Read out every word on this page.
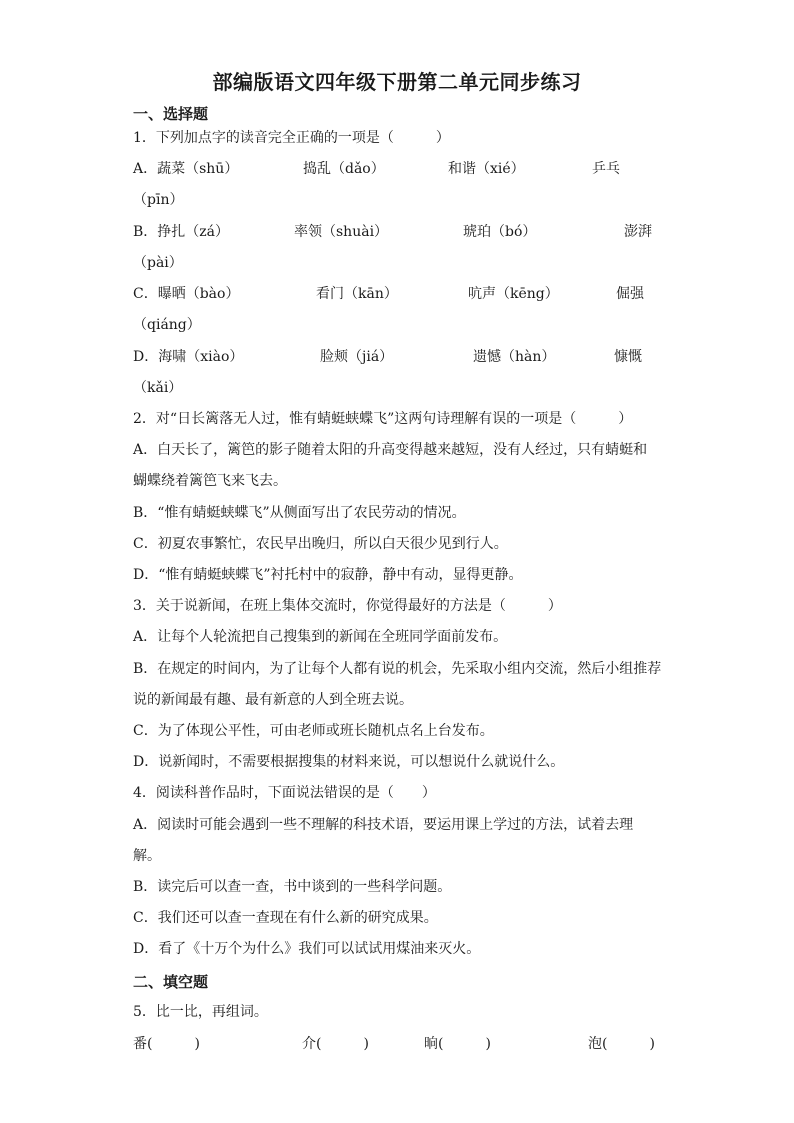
部编版语文四年级下册第二单元同步练习
一、选择题
1．下列加点字的读音完全正确的一项是（　　　）
A．蔬菜（shū）	捣乱（dǎo）	和谐（xié）	乒乓
（pīn）
B．挣扎（zá）	率领（shuài）	琥珀（bó）	澎湃
（pài）
C．曝晒（bào）	看门（kān）	吭声（kēng）	倔强
（qiáng）
D．海啸（xiào）	脸颊（jiá）	遗憾（hàn）	慷慨
（kǎi）
2．对“日长篱落无人过，惟有蜻蜓蛱蝶飞”这两句诗理解有误的一项是（　　　）
A．白天长了，篱笆的影子随着太阳的升高变得越来越短，没有人经过，只有蜻蜓和
蝴蝶绕着篱笆飞来飞去。
B．“惟有蜻蜓蛱蝶飞”从侧面写出了农民劳动的情况。
C．初夏农事繁忙，农民早出晚归，所以白天很少见到行人。
D．“惟有蜻蜓蛱蝶飞”衬托村中的寂静，静中有动，显得更静。
3．关于说新闻，在班上集体交流时，你觉得最好的方法是（　　　）
A．让每个人轮流把自己搜集到的新闻在全班同学面前发布。
B．在规定的时间内，为了让每个人都有说的机会，先采取小组内交流，然后小组推荐
说的新闻最有趣、最有新意的人到全班去说。
C．为了体现公平性，可由老师或班长随机点名上台发布。
D．说新闻时，不需要根据搜集的材料来说，可以想说什么就说什么。
4．阅读科普作品时，下面说法错误的是（　　）
A．阅读时可能会遇到一些不理解的科技术语，要运用课上学过的方法，试着去理
解。
B．读完后可以查一查，书中谈到的一些科学问题。
C．我们还可以查一查现在有什么新的研究成果。
D．看了《十万个为什么》我们可以试试用煤油来灭火。
二、填空题
5．比一比，再组词。
番(　　　)	介(　　　)	晌(　　　)	泡(　　　)
